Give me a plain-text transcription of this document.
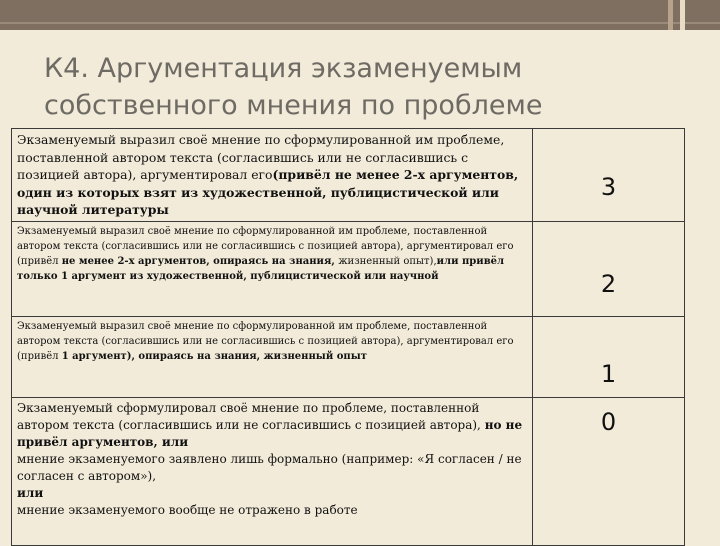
К4. Аргументация экзаменуемым собственного мнения по проблеме
Экзаменуемый выразил своё мнение по сформулированной им проблеме, поставленной автором текста (согласившись или не согласившись с позицией автора), аргументировал его(привёл не менее 2-х аргументов, один из которых взят из художественной, публицистической или научной литературы	3

Экзаменуемый выразил своё мнение по сформулированной им проблеме, поставленной автором текста (согласившись или не согласившись с позицией автора), аргументировал его (привёл не менее 2-х аргументов, опираясь на знания, жизненный опыт),или привёл только 1 аргумент из художественной, публицистической или научной	2

Экзаменуемый выразил своё мнение по сформулированной им проблеме, поставленной автором текста (согласившись или не согласившись с позицией автора), аргументировал его (привёл 1 аргумент), опираясь на знания, жизненный опыт	1

Экзаменуемый сформулировал своё мнение по проблеме, поставленной автором текста (согласившись или не согласившись с позицией автора), но не привёл аргументов, или
мнение экзаменуемого заявлено лишь формально (например: «Я согласен / не согласен с автором»),
или
мнение экзаменуемого вообще не отражено в работе	0
